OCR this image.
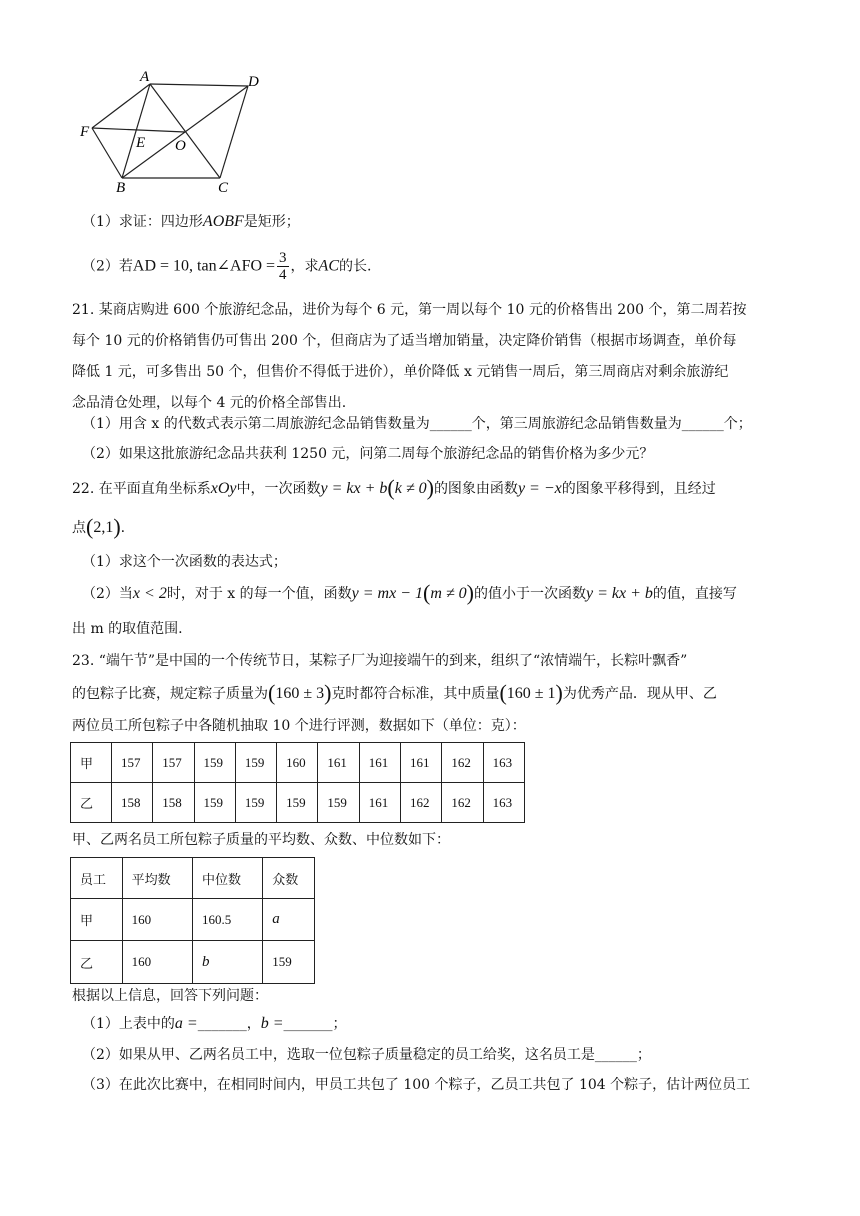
A	D
F
E O
B	C
（1）求证：四边形AOBF是矩形；
（2）若AD = 10, tan∠AFO = $\frac{3}{4}$ ，求AC的长.
21. 某商店购进 600 个旅游纪念品，进价为每个 6 元，第一周以每个 10 元的价格售出 200 个，第二周若按
每个 10 元的价格销售仍可售出 200 个，但商店为了适当增加销量，决定降价销售（根据市场调查，单价每
降低 1 元，可多售出 50 个，但售价不得低于进价），单价降低 x 元销售一周后，第三周商店对剩余旅游纪
念品清仓处理，以每个 4 元的价格全部售出.
（1）用含 x 的代数式表示第二周旅游纪念品销售数量为______个，第三周旅游纪念品销售数量为______个；
（2）如果这批旅游纪念品共获利 1250 元，问第二周每个旅游纪念品的销售价格为多少元？
22. 在平面直角坐标系xOy中，一次函数y = kx + b(k ≠ 0)的图象由函数y = −x的图象平移得到，且经过
点(2,1).
（1）求这个一次函数的表达式；
（2）当x < 2时，对于 x 的每一个值，函数y = mx − 1(m ≠ 0)的值小于一次函数y = kx + b的值，直接写
出 m 的取值范围.
23. “端午节”是中国的一个传统节日，某粽子厂为迎接端午的到来，组织了“浓情端午，长粽叶飘香”
的包粽子比赛，规定粽子质量为(160 ± 3)克时都符合标准，其中质量(160 ± 1)为优秀产品．现从甲、乙
两位员工所包粽子中各随机抽取 10 个进行评测，数据如下（单位：克）：
甲	157	157	159	159	160	161	161	161	162	163
乙	158	158	159	159	159	159	161	162	162	163
甲、乙两名员工所包粽子质量的平均数、众数、中位数如下：
员工	平均数	中位数	众数
甲	160	160.5	a
乙	160	b	159
根据以上信息，回答下列问题：
（1）上表中的a =_______，b =_______；
（2）如果从甲、乙两名员工中，选取一位包粽子质量稳定的员工给奖，这名员工是______；
（3）在此次比赛中，在相同时间内，甲员工共包了 100 个粽子，乙员工共包了 104 个粽子，估计两位员工
